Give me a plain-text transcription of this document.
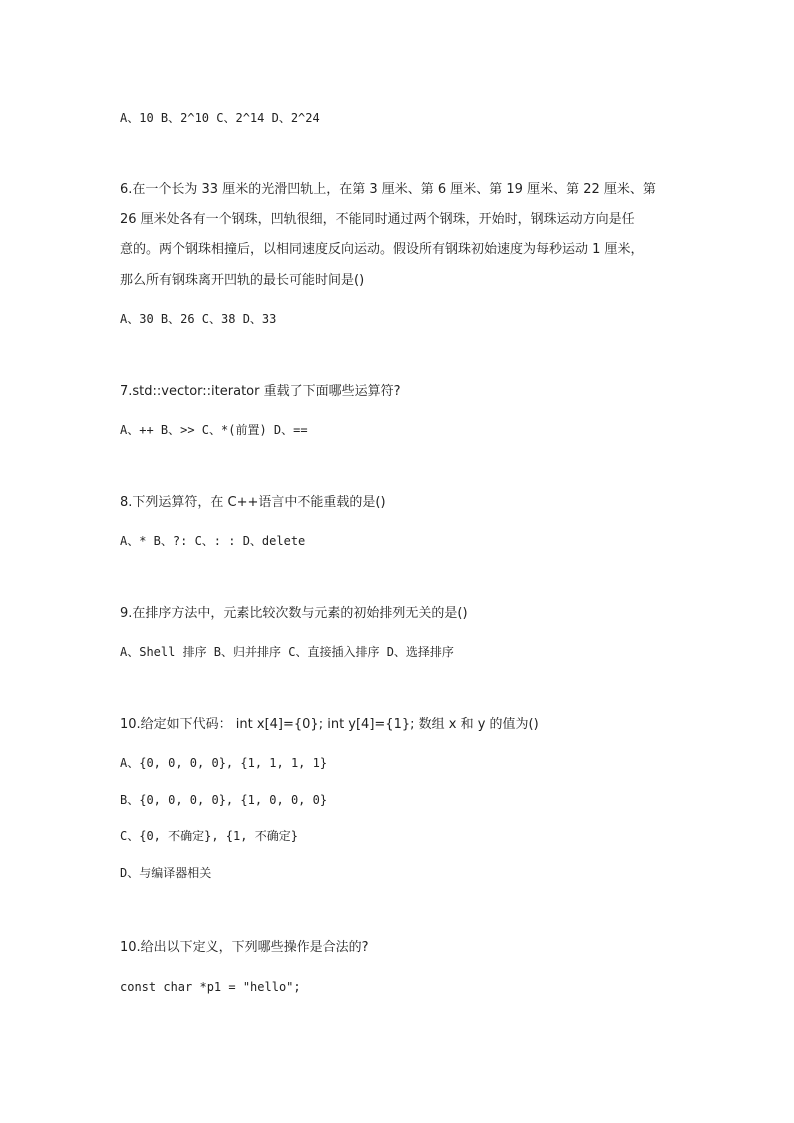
A、10 B、2^10 C、2^14 D、2^24
6.在一个长为 33 厘米的光滑凹轨上，在第 3 厘米、第 6 厘米、第 19 厘米、第 22 厘米、第
26 厘米处各有一个钢珠，凹轨很细，不能同时通过两个钢珠，开始时，钢珠运动方向是任
意的。两个钢珠相撞后，以相同速度反向运动。假设所有钢珠初始速度为每秒运动 1 厘米，
那么所有钢珠离开凹轨的最长可能时间是()
A、30 B、26 C、38 D、33
7.std::vector::iterator 重载了下面哪些运算符?
A、++ B、>> C、*(前置) D、==
8.下列运算符，在 C++语言中不能重载的是()
A、* B、?: C、: : D、delete
9.在排序方法中，元素比较次数与元素的初始排列无关的是()
A、Shell 排序 B、归并排序 C、直接插入排序 D、选择排序
10.给定如下代码： int x[4]={0}; int y[4]={1}; 数组 x 和 y 的值为()
A、{0, 0, 0, 0}, {1, 1, 1, 1}
B、{0, 0, 0, 0}, {1, 0, 0, 0}
C、{0, 不确定}, {1, 不确定}
D、与编译器相关
10.给出以下定义，下列哪些操作是合法的?
const char *p1 = "hello";
